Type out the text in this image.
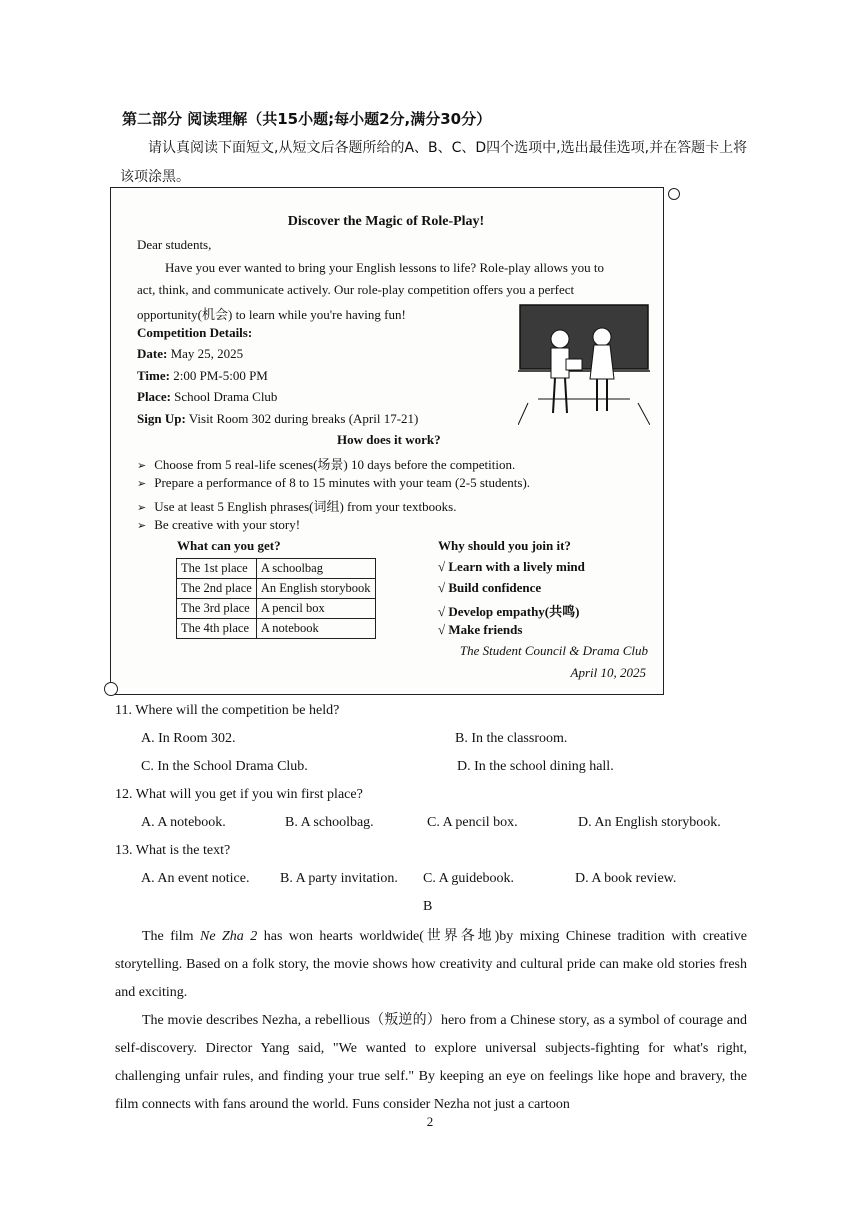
第二部分 阅读理解（共15小题;每小题2分,满分30分）
请认真阅读下面短文,从短文后各题所给的A、B、C、D四个选项中,选出最佳选项,并在答题卡上将该项涂黑。
Discover the Magic of Role-Play!
Dear students,
Have you ever wanted to bring your English lessons to life? Role-play allows you to
act, think, and communicate actively. Our role-play competition offers you a perfect
opportunity(机会) to learn while you're having fun!
Competition Details:
Date: May 25, 2025
Time: 2:00 PM-5:00 PM
Place: School Drama Club
Sign Up: Visit Room 302 during breaks (April 17-21)
How does it work?
➢ Choose from 5 real-life scenes(场景) 10 days before the competition.
➢ Prepare a performance of 8 to 15 minutes with your team (2-5 students).
➢ Use at least 5 English phrases(词组) from your textbooks.
➢ Be creative with your story!
What can you get?
The 1st place	A schoolbag
The 2nd place	An English storybook
The 3rd place	A pencil box
The 4th place	A notebook
Why should you join it?
√ Learn with a lively mind
√ Build confidence
√ Develop empathy(共鸣)
√ Make friends
The Student Council & Drama Club
April 10, 2025
11. Where will the competition be held?
A. In Room 302.	B. In the classroom.
C. In the School Drama Club.	D. In the school dining hall.
12. What will you get if you win first place?
A. A notebook.	B. A schoolbag.	C. A pencil box.	D. An English storybook.
13. What is the text?
A. An event notice. B. A party invitation. C. A guidebook.	D. A book review.
B
The film Ne Zha 2 has won hearts worldwide(世界各地)by mixing Chinese tradition with creative storytelling. Based on a folk story, the movie shows how creativity and cultural pride can make old stories fresh and exciting.
The movie describes Nezha, a rebellious（叛逆的）hero from a Chinese story, as a symbol of courage and self-discovery. Director Yang said, "We wanted to explore universal subjects-fighting for what's right, challenging unfair rules, and finding your true self." By keeping an eye on feelings like hope and bravery, the film connects with fans around the world. Funs consider Nezha not just a cartoon
2
